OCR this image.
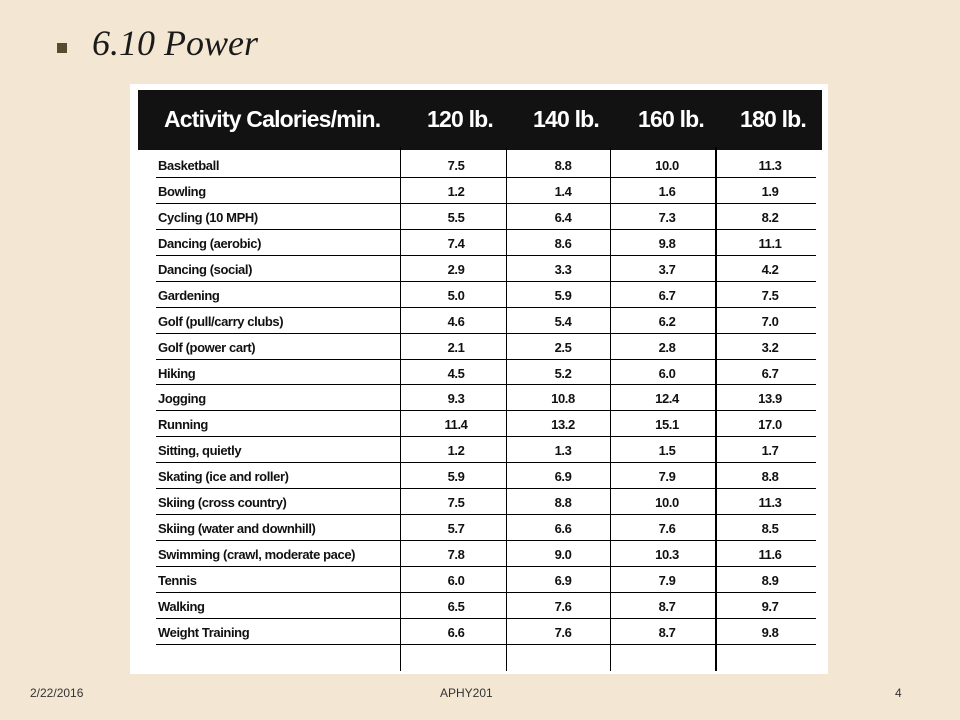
6.10 Power
Activity Calories/min.	120 lb.	140 lb.	160 lb.	180 lb.
Basketball	7.5	8.8	10.0	11.3
Bowling	1.2	1.4	1.6	1.9
Cycling (10 MPH)	5.5	6.4	7.3	8.2
Dancing (aerobic)	7.4	8.6	9.8	11.1
Dancing (social)	2.9	3.3	3.7	4.2
Gardening	5.0	5.9	6.7	7.5
Golf (pull/carry clubs)	4.6	5.4	6.2	7.0
Golf (power cart)	2.1	2.5	2.8	3.2
Hiking	4.5	5.2	6.0	6.7
Jogging	9.3	10.8	12.4	13.9
Running	11.4	13.2	15.1	17.0
Sitting, quietly	1.2	1.3	1.5	1.7
Skating (ice and roller)	5.9	6.9	7.9	8.8
Skiing (cross country)	7.5	8.8	10.0	11.3
Skiing (water and downhill)	5.7	6.6	7.6	8.5
Swimming (crawl, moderate pace)	7.8	9.0	10.3	11.6
Tennis	6.0	6.9	7.9	8.9
Walking	6.5	7.6	8.7	9.7
Weight Training	6.6	7.6	8.7	9.8
2/22/2016	APHY201	4
